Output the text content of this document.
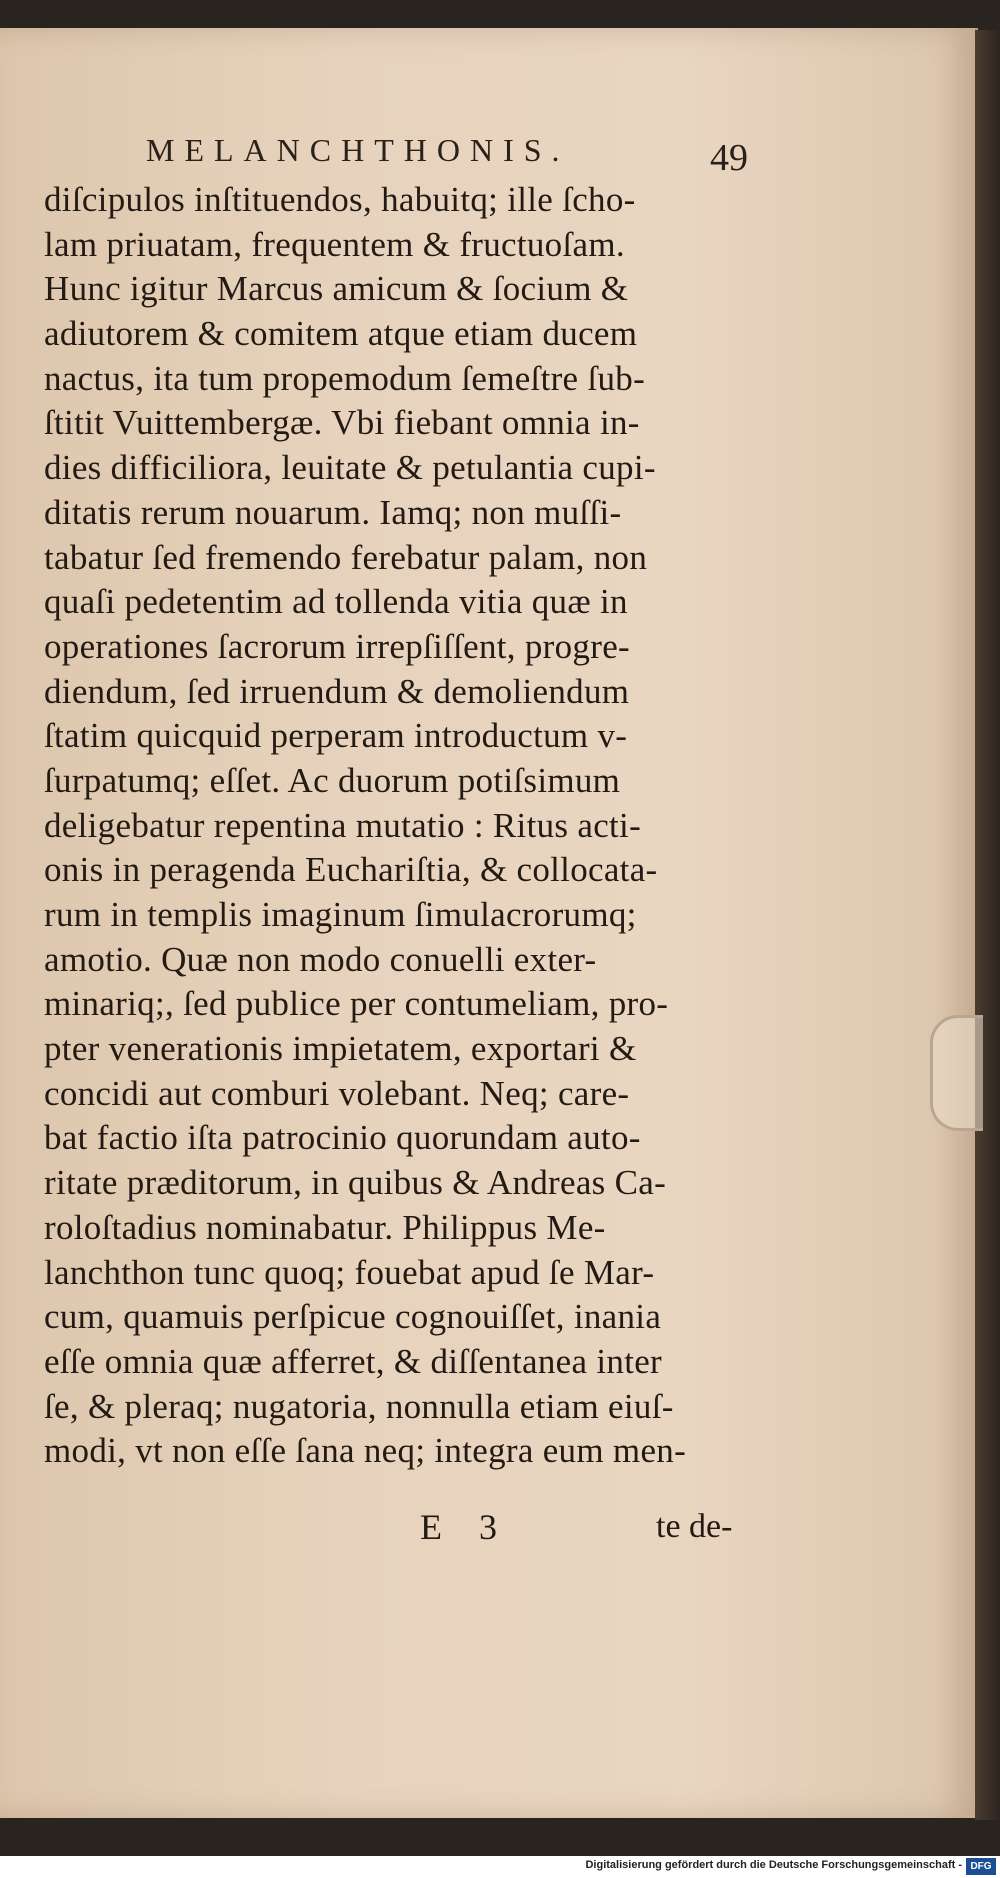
MELANCHTHONIS.	49
diſcipulos inſtituendos, habuitq; ille ſcho-
lam priuatam, frequentem & fructuoſam.
Hunc igitur Marcus amicum & ſocium &
adiutorem & comitem atque etiam ducem
nactus, ita tum propemodum ſemeſtre ſub-
ſtitit Vuittembergæ. Vbi fiebant omnia in-
dies difficiliora, leuitate & petulantia cupi-
ditatis rerum nouarum. Iamq; non muſſi-
tabatur ſed fremendo ferebatur palam, non
quaſi pedetentim ad tollenda vitia quæ in
operationes ſacrorum irrepſiſſent, progre-
diendum, ſed irruendum & demoliendum
ſtatim quicquid perperam introductum v-
ſurpatumq; eſſet. Ac duorum potiſsimum
deligebatur repentina mutatio : Ritus acti-
onis in peragenda Euchariſtia, & collocata-
rum in templis imaginum ſimulacrorumq;
amotio. Quæ non modo conuelli exter-
minariq;, ſed publice per contumeliam, pro-
pter venerationis impietatem, exportari &
concidi aut comburi volebant. Neq; care-
bat factio iſta patrocinio quorundam auto-
ritate præditorum, in quibus & Andreas Ca-
roloſtadius nominabatur. Philippus Me-
lanchthon tunc quoq; fouebat apud ſe Mar-
cum, quamuis perſpicue cognouiſſet, inania
eſſe omnia quæ afferret, & diſſentanea inter
ſe, & pleraq; nugatoria, nonnulla etiam eiuſ-
modi, vt non eſſe ſana neq; integra eum men-
E 3	te de-
Digitalisierung gefördert durch die Deutsche Forschungsgemeinschaft - DFG
